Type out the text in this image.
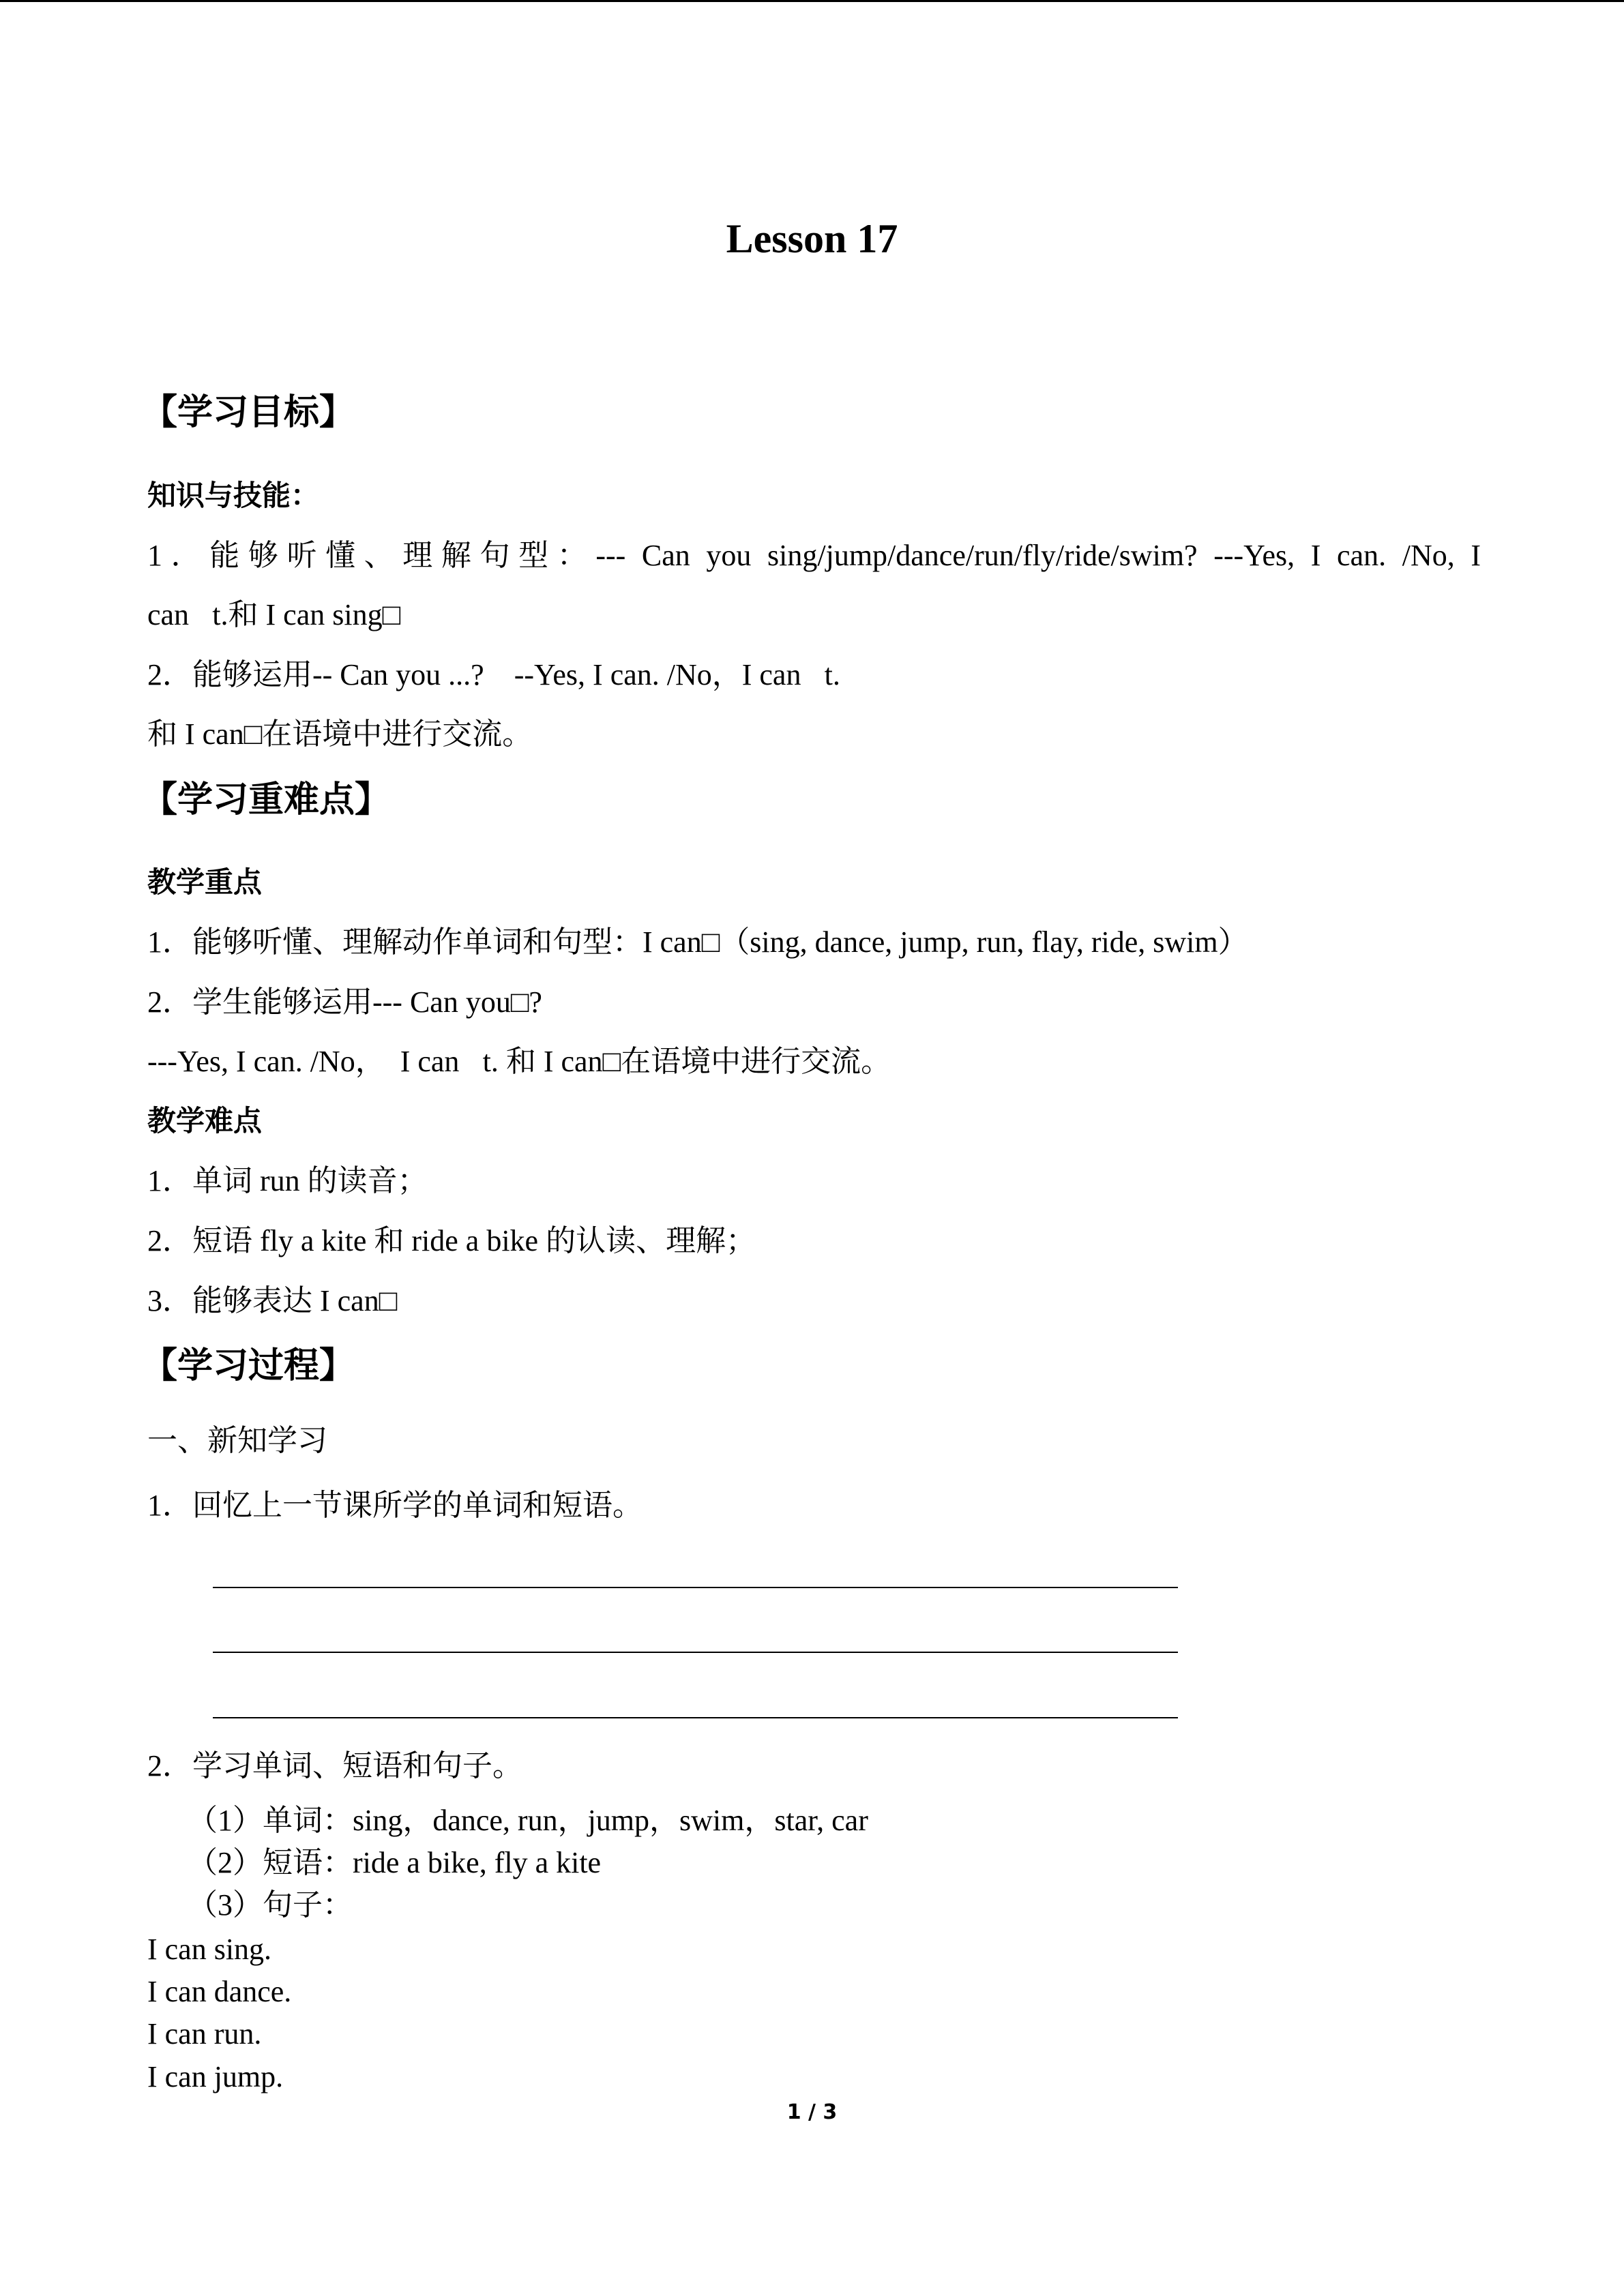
Lesson 17
【学习目标】
知识与技能：
1．能够听懂、理解句型：--- Can you sing/jump/dance/run/fly/ride/swim? ---Yes, I can. /No, I
can t.和 I can sing□
2．能够运用-- Can you ...?　--Yes, I can. /No，I can t.
和 I can□在语境中进行交流。
【学习重难点】
教学重点
1．能够听懂、理解动作单词和句型：I can□（sing, dance, jump, run, flay, ride, swim）
2．学生能够运用--- Can you□?
---Yes, I can. /No，　I can t. 和 I can□在语境中进行交流。
教学难点
1．单词 run 的读音；
2．短语 fly a kite 和 ride a bike 的认读、理解；
3．能够表达 I can□
【学习过程】
一、新知学习
1．回忆上一节课所学的单词和短语。
2．学习单词、短语和句子。
（1）单词：sing，dance, run，jump，swim，star, car
（2）短语：ride a bike, fly a kite
（3）句子：
I can sing.
I can dance.
I can run.
I can jump.
1 / 3
